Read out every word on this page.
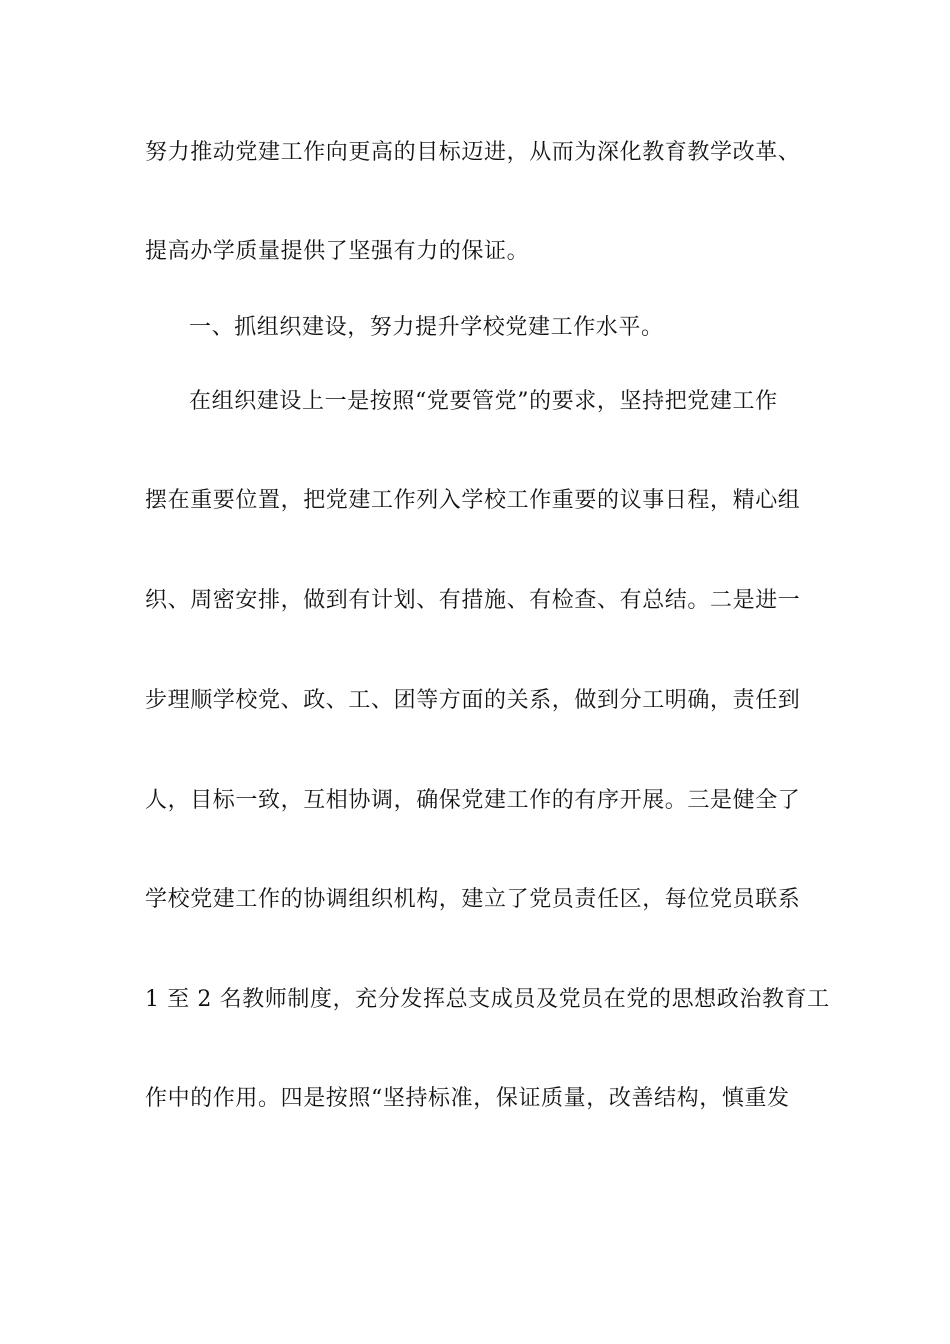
努力推动党建工作向更高的目标迈进，从而为深化教育教学改革、
提高办学质量提供了坚强有力的保证。
一、抓组织建设，努力提升学校党建工作水平。
在组织建设上一是按照“党要管党”的要求，坚持把党建工作
摆在重要位置，把党建工作列入学校工作重要的议事日程，精心组
织、周密安排，做到有计划、有措施、有检查、有总结。二是进一
步理顺学校党、政、工、团等方面的关系，做到分工明确，责任到
人，目标一致，互相协调，确保党建工作的有序开展。三是健全了
学校党建工作的协调组织机构，建立了党员责任区，每位党员联系
1 至 2 名教师制度，充分发挥总支成员及党员在党的思想政治教育工
作中的作用。四是按照“坚持标准，保证质量，改善结构，慎重发
